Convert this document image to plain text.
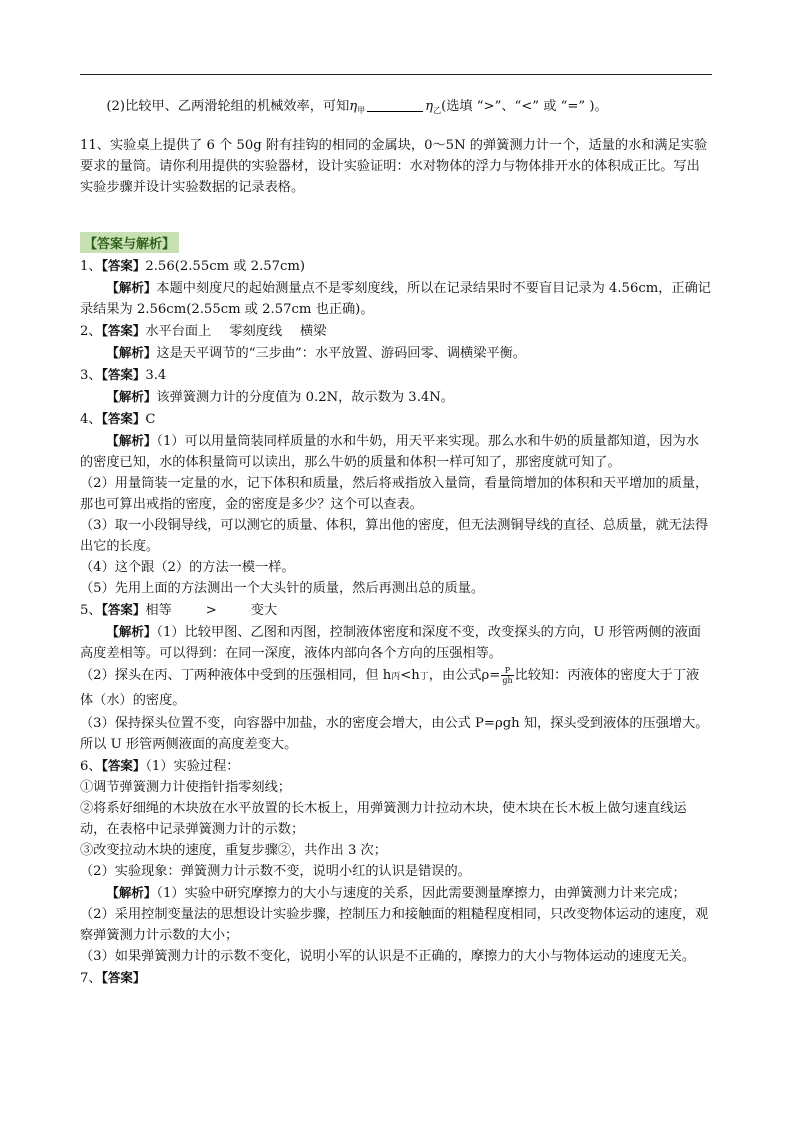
(2)比较甲、乙两滑轮组的机械效率，可知$\eta_甲$	$\eta_乙$(选填 “>”、“<” 或 “=” )。

11、实验桌上提供了 6 个 50g 附有挂钩的相同的金属块，0～5N 的弹簧测力计一个，适量的水和满足实验要求的量筒。请你利用提供的实验器材，设计实验证明：水对物体的浮力与物体排开水的体积成正比。写出实验步骤并设计实验数据的记录表格。

【答案与解析】

1、【答案】2.56(2.55cm 或 2.57cm)

【解析】本题中刻度尺的起始测量点不是零刻度线，所以在记录结果时不要盲目记录为 4.56cm，正确记录结果为 2.56cm(2.55cm 或 2.57cm 也正确)。

2、【答案】水平台面上 零刻度线 横梁

【解析】这是天平调节的“三步曲”：水平放置、游码回零、调横梁平衡。

3、【答案】3.4

【解析】该弹簧测力计的分度值为 0.2N，故示数为 3.4N。

4、【答案】C

【解析】（1）可以用量筒装同样质量的水和牛奶，用天平来实现。那么水和牛奶的质量都知道，因为水的密度已知，水的体积量筒可以读出，那么牛奶的质量和体积一样可知了，那密度就可知了。

（2）用量筒装一定量的水，记下体积和质量，然后将戒指放入量筒，看量筒增加的体积和天平增加的质量，那也可算出戒指的密度，金的密度是多少？这个可以查表。

（3）取一小段铜导线，可以测它的质量、体积，算出他的密度，但无法测铜导线的直径、总质量，就无法得出它的长度。

（4）这个跟（2）的方法一模一样。

（5）先用上面的方法测出一个大头针的质量，然后再测出总的质量。

5、【答案】相等	>	变大

【解析】（1）比较甲图、乙图和丙图，控制液体密度和深度不变，改变探头的方向，U 形管两侧的液面高度差相等。可以得到：在同一深度，液体内部向各个方向的压强相等。

（2）探头在丙、丁两种液体中受到的压强相同，但 h丙<h丁，由公式$\rho= \frac{P}{gh}$ 比较知：丙液体的密度大于丁液体（水）的密度。

（3）保持探头位置不变，向容器中加盐，水的密度会增大，由公式 P=ρgh 知，探头受到液体的压强增大。所以 U 形管两侧液面的高度差变大。

6、【答案】（1）实验过程：

①调节弹簧测力计使指针指零刻线；

②将系好细绳的木块放在水平放置的长木板上，用弹簧测力计拉动木块，使木块在长木板上做匀速直线运动，在表格中记录弹簧测力计的示数；

③改变拉动木块的速度，重复步骤②，共作出 3 次；

（2）实验现象：弹簧测力计示数不变，说明小红的认识是错误的。

【解析】（1）实验中研究摩擦力的大小与速度的关系，因此需要测量摩擦力，由弹簧测力计来完成；

（2）采用控制变量法的思想设计实验步骤，控制压力和接触面的粗糙程度相同，只改变物体运动的速度，观察弹簧测力计示数的大小；

（3）如果弹簧测力计的示数不变化，说明小军的认识是不正确的，摩擦力的大小与物体运动的速度无关。

7、【答案】
